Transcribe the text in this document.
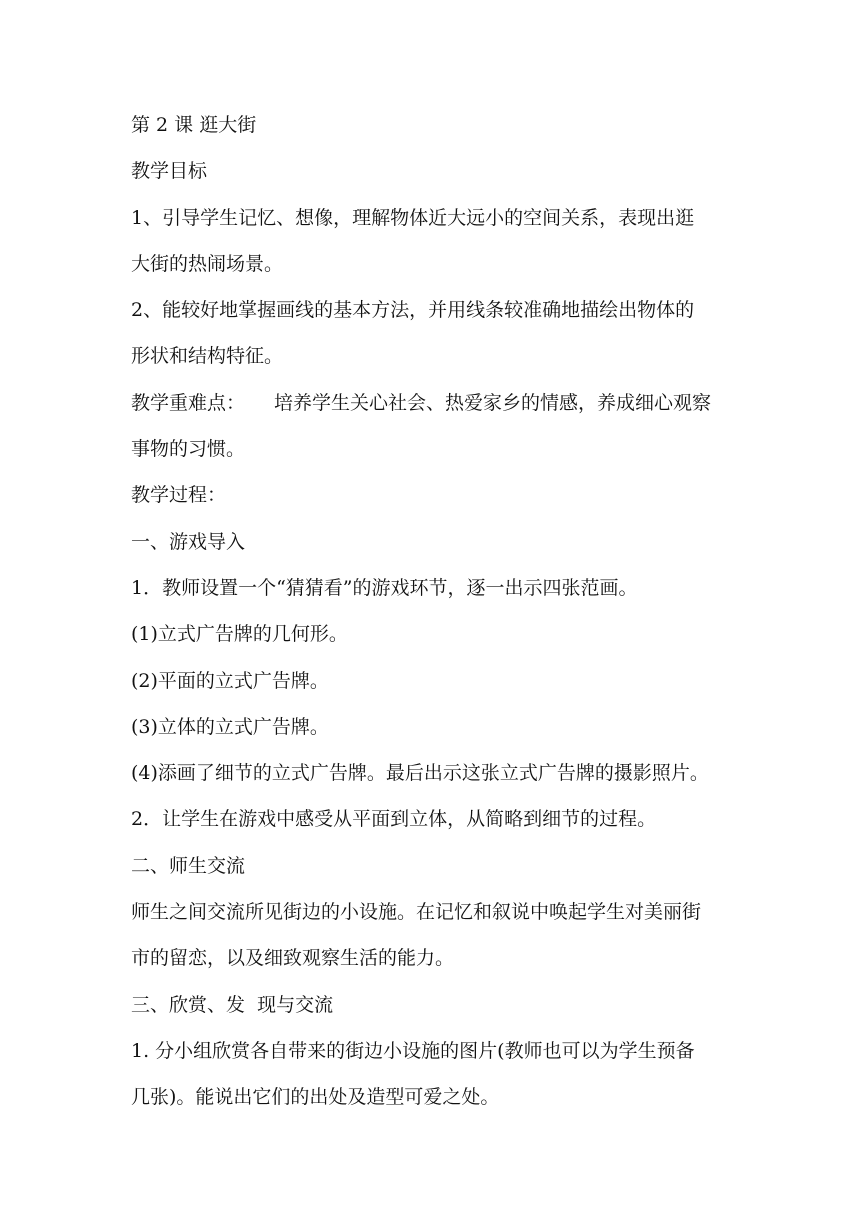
第 2 课 逛大街
教学目标
1、引导学生记忆、想像，理解物体近大远小的空间关系，表现出逛
大街的热闹场景。
2、能较好地掌握画线的基本方法，并用线条较准确地描绘出物体的
形状和结构特征。
教学重难点： 培养学生关心社会、热爱家乡的情感，养成细心观察
事物的习惯。
教学过程：
一、游戏导入
1．教师设置一个“猜猜看”的游戏环节，逐一出示四张范画。
(1)立式广告牌的几何形。
(2)平面的立式广告牌。
(3)立体的立式广告牌。
(4)添画了细节的立式广告牌。最后出示这张立式广告牌的摄影照片。
2．让学生在游戏中感受从平面到立体，从简略到细节的过程。
二、师生交流
师生之间交流所见街边的小设施。在记忆和叙说中唤起学生对美丽街
市的留恋，以及细致观察生活的能力。
三、欣赏、发  现与交流
1. 分小组欣赏各自带来的街边小设施的图片(教师也可以为学生预备
几张)。能说出它们的出处及造型可爱之处。
